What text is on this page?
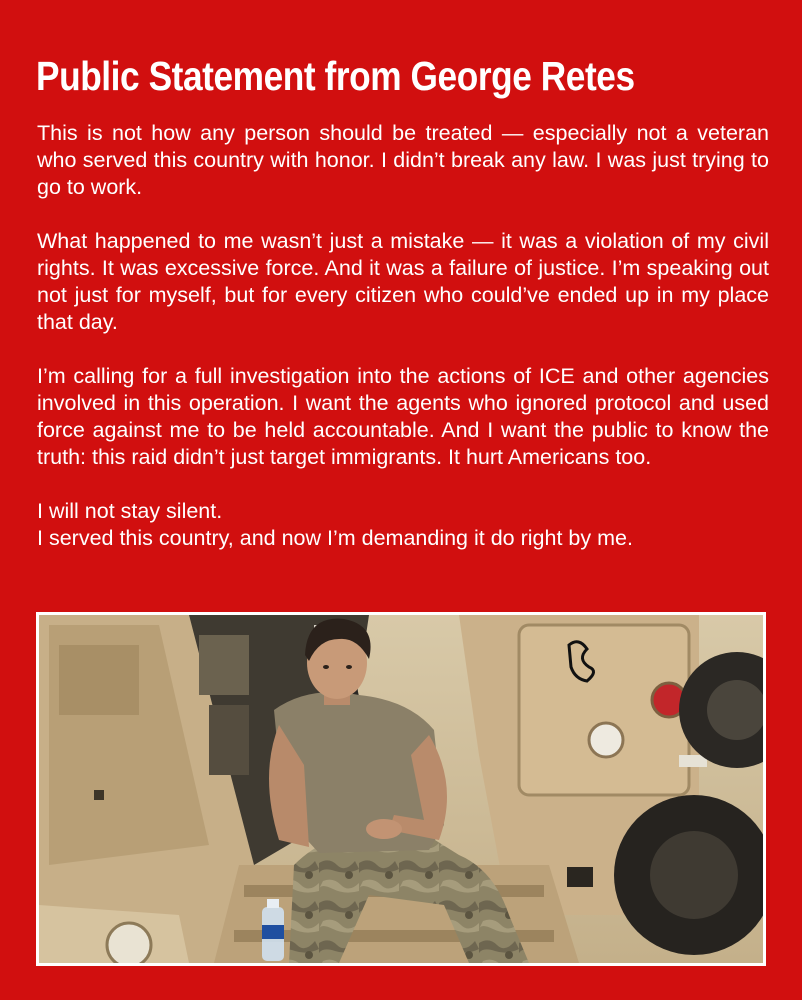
Public Statement from George Retes

This is not how any person should be treated — especially not a veteran who served this country with honor. I didn’t break any law. I was just trying to go to work.

What happened to me wasn’t just a mistake — it was a violation of my civil rights. It was excessive force. And it was a failure of justice. I’m speaking out not just for myself, but for every citizen who could’ve ended up in my place that day.

I’m calling for a full investigation into the actions of ICE and other agencies involved in this operation. I want the agents who ignored protocol and used force against me to be held accountable. And I want the public to know the truth: this raid didn’t just target immigrants. It hurt Americans too.

I will not stay silent.
I served this country, and now I’m demanding it do right by me.
